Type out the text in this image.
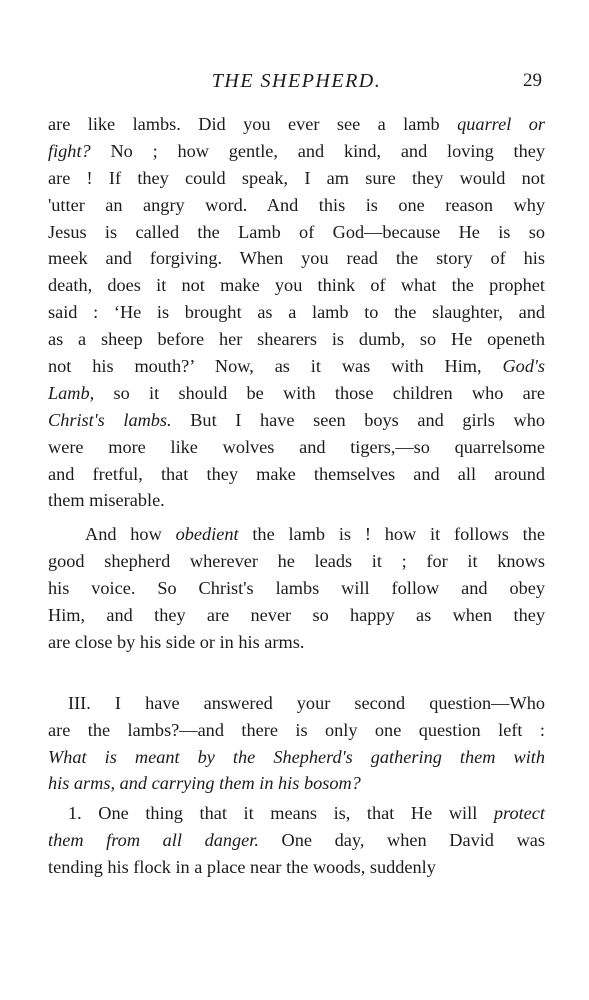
THE SHEPHERD.	29
are like lambs. Did you ever see a lamb quarrel or
fight? No ; how gentle, and kind, and loving they
are ! If they could speak, I am sure they would not
'utter an angry word. And this is one reason why
Jesus is called the Lamb of God—because He is so
meek and forgiving. When you read the story of his
death, does it not make you think of what the prophet
said : ‘He is brought as a lamb to the slaughter, and
as a sheep before her shearers is dumb, so He openeth
not his mouth?’ Now, as it was with Him, God's
Lamb, so it should be with those children who are
Christ's lambs. But I have seen boys and girls who
were more like wolves and tigers,—so quarrelsome
and fretful, that they make themselves and all around
them miserable.
And how obedient the lamb is ! how it follows the
good shepherd wherever he leads it ; for it knows
his voice. So Christ's lambs will follow and obey
Him, and they are never so happy as when they
are close by his side or in his arms.
III. I have answered your second question—Who
are the lambs?—and there is only one question left :
What is meant by the Shepherd's gathering them with
his arms, and carrying them in his bosom?
1. One thing that it means is, that He will protect
them from all danger. One day, when David was
tending his flock in a place near the woods, suddenly
